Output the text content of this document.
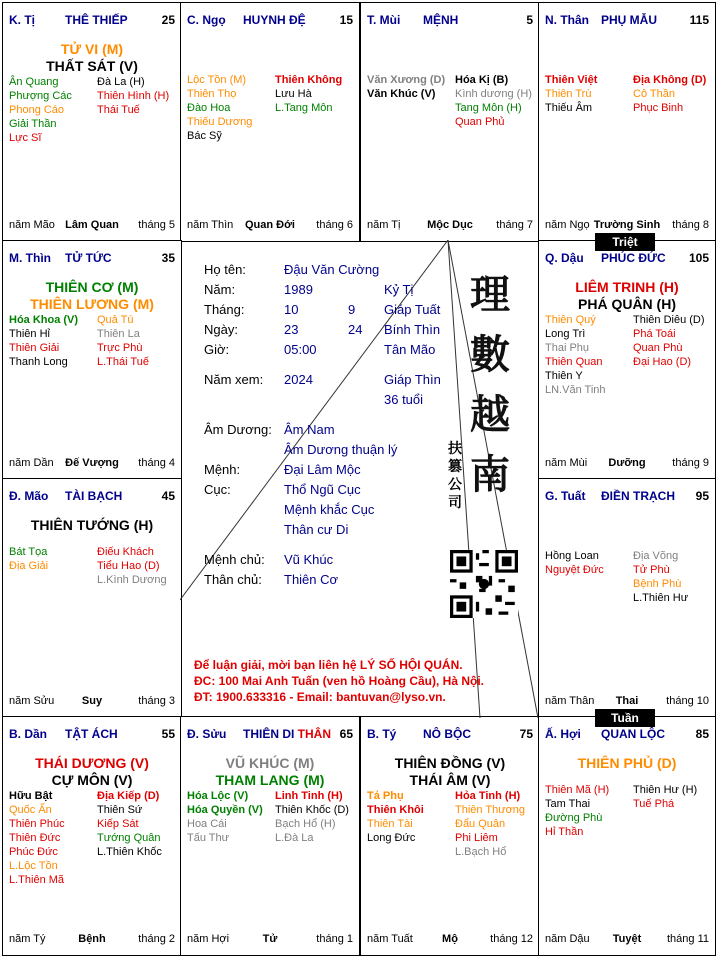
K. Tị	THÊ THIẾP	25
TỬ VI (M)
THẤT SÁT (V)
Ân Quang
Phượng Các
Phong Cáo
Giải Thần
Lực Sĩ
Đà La (H)
Thiên Hình (H)
Thái Tuế
năm Mão Lâm Quan	tháng 5
C. Ngọ HUYNH ĐỆ	15
Lộc Tồn (M)
Thiên Thọ
Đào Hoa
Thiếu Dương
Bác Sỹ
Thiên Không
Lưu Hà
L.Tang Môn
năm Thìn	Quan Đới	tháng 6
T. Mùi MỆNH	5
Văn Xương (D)
Văn Khúc (V)
Hóa Kị (B)
Kình dương (H)
Tang Môn (H)
Quan Phủ
năm Tị	Mộc Dục	tháng 7
N. Thân PHỤ MẪU	115
Thiên Việt
Thiên Trù
Thiếu Âm
Địa Không (D)
Cô Thần
Phục Binh
năm Ngọ Trường Sinh	tháng 8
M. Thìn TỬ TỨC	35
THIÊN CƠ (M)
THIÊN LƯƠNG (M)
Hóa Khoa (V)
Thiên Hỉ
Thiên Giải
Thanh Long
Quả Tú
Thiên La
Trực Phù
L.Thái Tuế
năm Dần	Đế Vượng	tháng 4
Q. Dậu PHÚC ĐỨC 105
LIÊM TRINH (H)
PHÁ QUÂN (H)
Thiên Quý
Long Trì
Thai Phụ
Thiên Quan
Thiên Y
LN.Văn Tinh
Thiên Diêu (D)
Phá Toái
Quan Phù
Đại Hao (D)
năm Mùi	Dưỡng	tháng 9
Đ. Mão TÀI BẠCH	45
THIÊN TƯỚNG (H)
Bát Tọa
Địa Giải
Điếu Khách
Tiểu Hao (D)
L.Kình Dương
năm Sửu	Suy	tháng 3
G. Tuất ĐIỀN TRẠCH 95
Hồng Loan
Nguyệt Đức
Địa Võng
Tử Phù
Bệnh Phù
L.Thiên Hư
năm Thân	Thai	tháng 10
B. Dần TẬT ÁCH	55
THÁI DƯƠNG (V)
CỰ MÔN (V)
Hữu Bật
Quốc Ấn
Thiên Phúc
Thiên Đức
Phúc Đức
L.Lộc Tồn
L.Thiên Mã
Địa Kiếp (D)
Thiên Sứ
Kiếp Sát
Tướng Quân
L.Thiên Khốc
năm Tý	Bệnh	tháng 2
Đ. Sửu THIÊN DI	65
THÂN
VŨ KHÚC (M)
THAM LANG (M)
Hóa Lộc (V)
Hóa Quyền (V)
Hoa Cái
Tấu Thư
Linh Tinh (H)
Thiên Khốc (D)
Bạch Hổ (H)
L.Đà La
năm Hợi	Tử	tháng 1
B. Tý NÔ BỘC	75
THIÊN ĐỒNG (V)
THÁI ÂM (V)
Tả Phụ
Thiên Khôi
Thiên Tài
Long Đức
Hỏa Tinh (H)
Thiên Thương
Đẩu Quân
Phi Liêm
L.Bạch Hổ
năm Tuất	Mộ	tháng 12
Ấ. Hợi QUAN LỘC	85
THIÊN PHỦ (D)
Thiên Mã (H)
Tam Thai
Đường Phù
Hỉ Thần
Thiên Hư (H)
Tuế Phá
năm Dậu	Tuyệt	tháng 11
Triệt
Tuần
Họ tên:	Đậu Văn Cường
Năm:	1989	Kỷ Tị
Tháng:	10	9 Giáp Tuất
Ngày:	23	24 Bính Thìn
Giờ:	05:00	Tân Mão
Năm xem: 2024	Giáp Thìn
36 tuổi
Âm Dương: Âm Nam
Âm Dương thuận lý
Mệnh:	Đại Lâm Mộc
Cục:	Thổ Ngũ Cục
Mệnh khắc Cục
Thân cư Di
Mệnh chủ: Vũ Khúc
Thân chủ: Thiên Cơ
理
數
越
南
扶
篡
公
司
Để luận giải, mời bạn liên hệ LÝ SỐ HỘI QUÁN.
ĐC: 100 Mai Anh Tuấn (ven hồ Hoàng Cầu), Hà Nội.
ĐT: 1900.633316 - Email: bantuvan@lyso.vn.
